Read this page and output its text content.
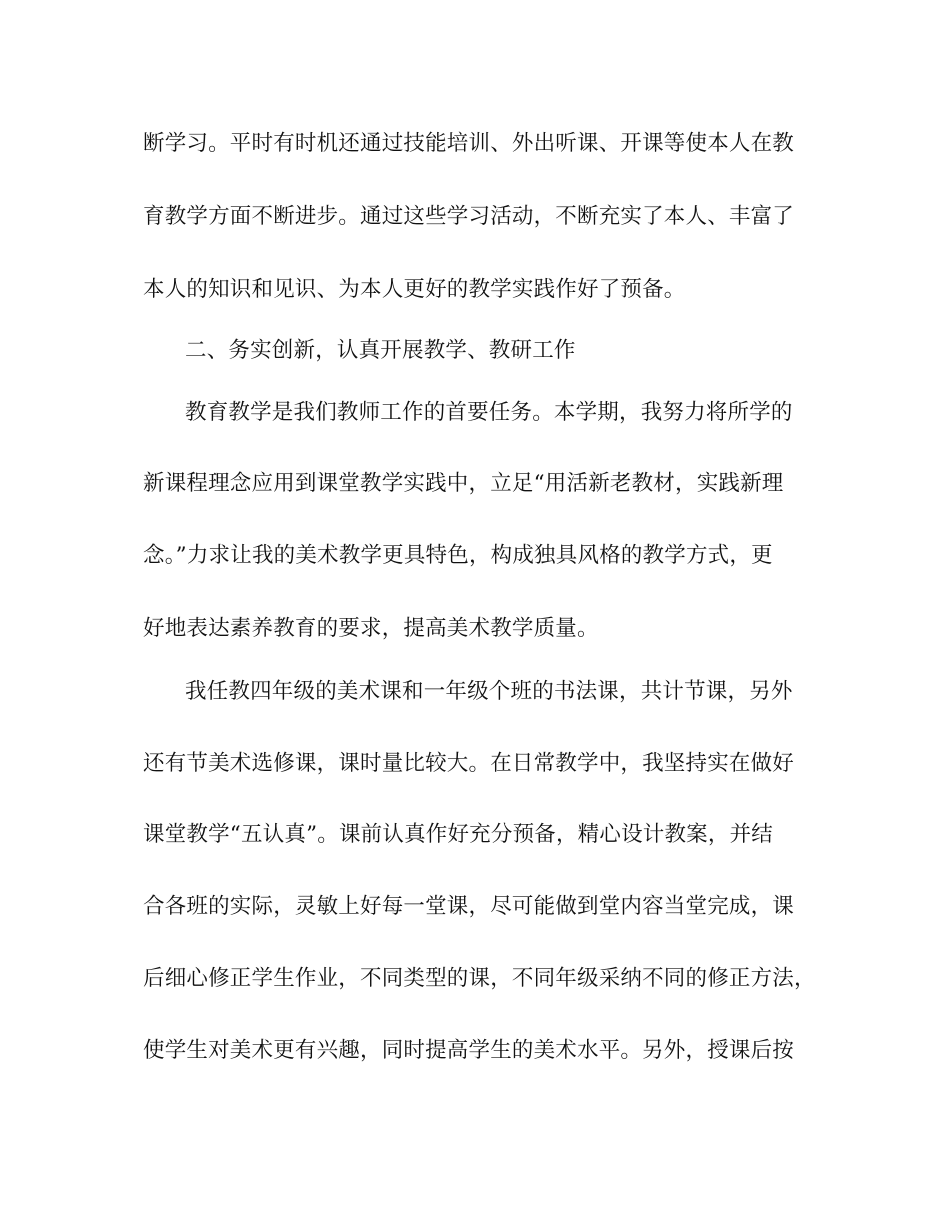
断学习。平时有时机还通过技能培训、外出听课、开课等使本人在教
育教学方面不断进步。通过这些学习活动，不断充实了本人、丰富了
本人的知识和见识、为本人更好的教学实践作好了预备。
二、务实创新，认真开展教学、教研工作
教育教学是我们教师工作的首要任务。本学期，我努力将所学的
新课程理念应用到课堂教学实践中，立足“用活新老教材，实践新理
念。”力求让我的美术教学更具特色，构成独具风格的教学方式，更
好地表达素养教育的要求，提高美术教学质量。
我任教四年级的美术课和一年级个班的书法课，共计节课，另外
还有节美术选修课，课时量比较大。在日常教学中，我坚持实在做好
课堂教学“五认真”。课前认真作好充分预备，精心设计教案，并结
合各班的实际，灵敏上好每一堂课，尽可能做到堂内容当堂完成，课
后细心修正学生作业，不同类型的课，不同年级采纳不同的修正方法，
使学生对美术更有兴趣，同时提高学生的美术水平。另外，授课后按
